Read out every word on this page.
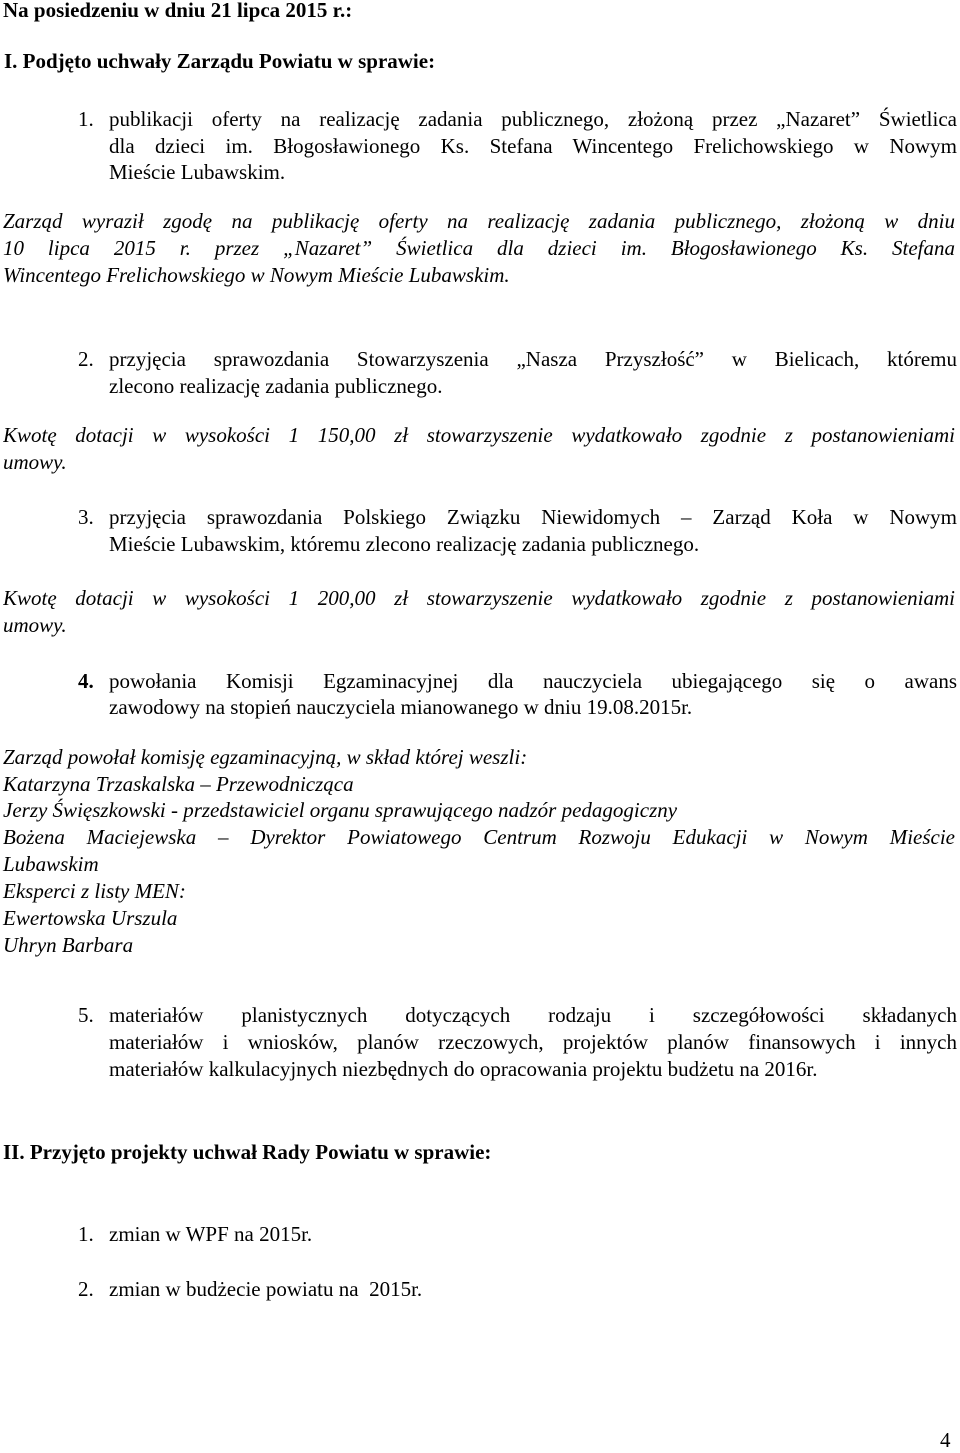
Na posiedzeniu w dniu 21 lipca 2015 r.:
I. Podjęto uchwały Zarządu Powiatu w sprawie:
1. publikacji oferty na realizację zadania publicznego, złożoną przez „Nazaret” Świetlica
dla dzieci im. Błogosławionego Ks. Stefana Wincentego Frelichowskiego w Nowym
Mieście Lubawskim.
Zarząd wyraził zgodę na publikację oferty na realizację zadania publicznego, złożoną w dniu
10 lipca 2015 r. przez „Nazaret” Świetlica dla dzieci im. Błogosławionego Ks. Stefana
Wincentego Frelichowskiego w Nowym Mieście Lubawskim.
2. przyjęcia sprawozdania Stowarzyszenia „Nasza Przyszłość” w Bielicach, któremu
zlecono realizację zadania publicznego.
Kwotę dotacji w wysokości 1 150,00 zł stowarzyszenie wydatkowało zgodnie z postanowieniami
umowy.
3. przyjęcia sprawozdania Polskiego Związku Niewidomych – Zarząd Koła w Nowym
Mieście Lubawskim, któremu zlecono realizację zadania publicznego.
Kwotę dotacji w wysokości 1 200,00 zł stowarzyszenie wydatkowało zgodnie z postanowieniami
umowy.
4. powołania Komisji Egzaminacyjnej dla nauczyciela ubiegającego się o awans
zawodowy na stopień nauczyciela mianowanego w dniu 19.08.2015r.
Zarząd powołał komisję egzaminacyjną, w skład której weszli:
Katarzyna Trzaskalska – Przewodnicząca
Jerzy Święszkowski - przedstawiciel organu sprawującego nadzór pedagogiczny
Bożena Maciejewska – Dyrektor Powiatowego Centrum Rozwoju Edukacji w Nowym Mieście
Lubawskim
Eksperci z listy MEN:
Ewertowska Urszula
Uhryn Barbara
5. materiałów planistycznych dotyczących rodzaju i szczegółowości składanych
materiałów i wniosków, planów rzeczowych, projektów planów finansowych i innych
materiałów kalkulacyjnych niezbędnych do opracowania projektu budżetu na 2016r.
II. Przyjęto projekty uchwał Rady Powiatu w sprawie:
1. zmian w WPF na 2015r.
2. zmian w budżecie powiatu na  2015r.
4
